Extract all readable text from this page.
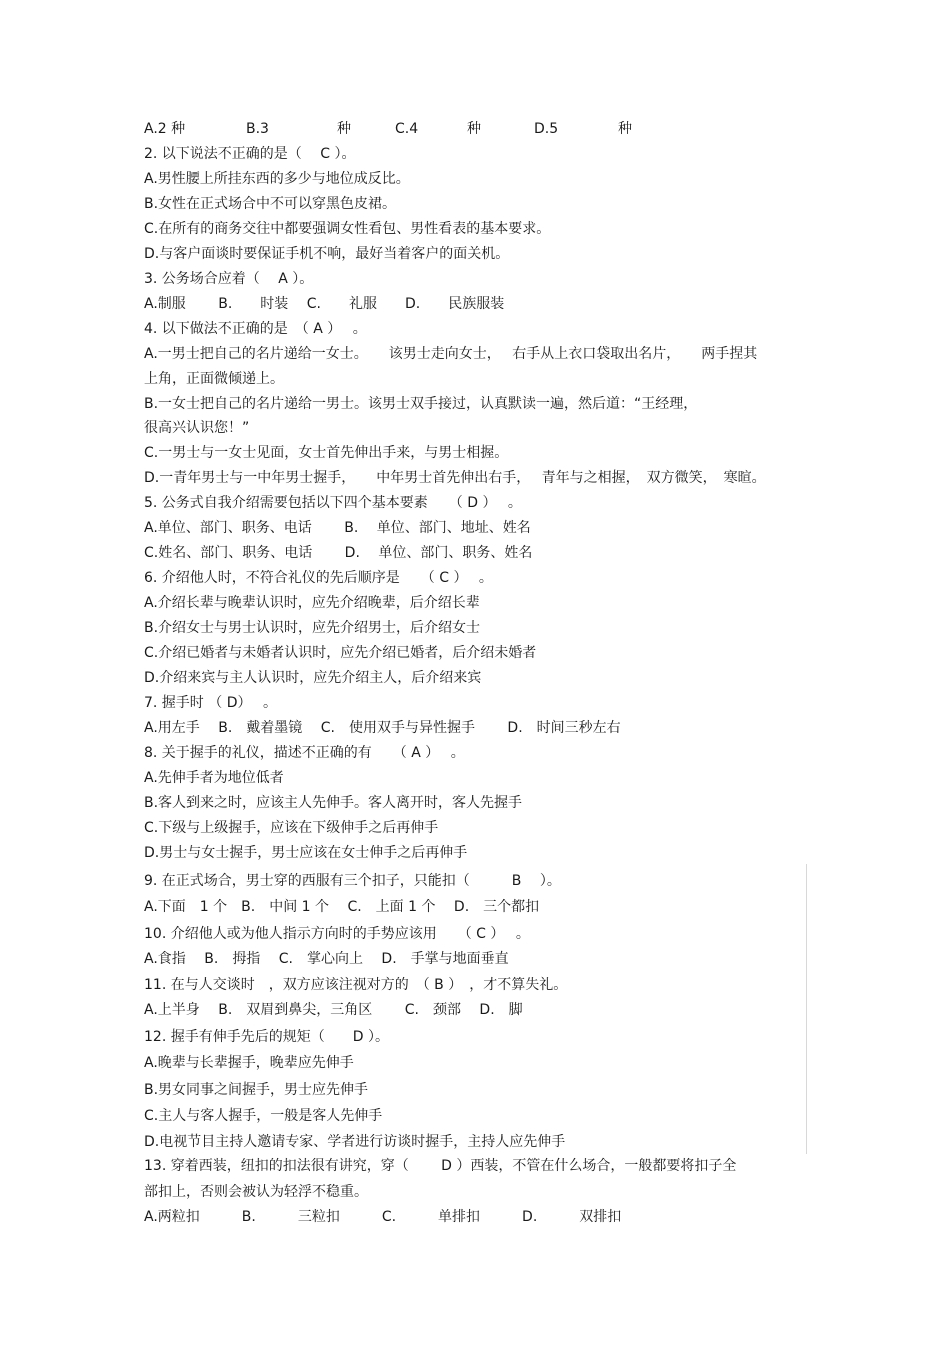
A.2 种	B.3	种	C.4	种	D.5	种
2. 以下说法不正确的是（　 C ）。
A.男性腰上所挂东西的多少与地位成反比。
B.女性在正式场合中不可以穿黑色皮裙。
C.在所有的商务交往中都要强调女性看包、男性看表的基本要求。
D.与客户面谈时要保证手机不响，最好当着客户的面关机。
3. 公务场合应着（　 A ）。
A.制服　　 B.　　时装　 C.　　礼服　　D.　　民族服装
4. 以下做法不正确的是　（ A ）　 。
A.一男士把自己的名片递给一女士。　　该男士走向女士，　 右手从上衣口袋取出名片，　　两手捏其
上角，正面微倾递上。
B.一女士把自己的名片递给一男士。该男士双手接过，认真默读一遍，然后道：“王经理，
很高兴认识您！”
C.一男士与一女士见面，女士首先伸出手来，与男士相握。
D.一青年男士与一中年男士握手，　　中年男士首先伸出右手，　 青年与之相握，　双方微笑，　寒暄。
5. 公务式自我介绍需要包括以下四个基本要素　　（ D ）　 。
A.单位、部门、职务、电话　　 B.　 单位、部门、地址、姓名
C.姓名、部门、职务、电话　　 D.　 单位、部门、职务、姓名
6. 介绍他人时，不符合礼仪的先后顺序是　　（ C ）　 。
A.介绍长辈与晚辈认识时，应先介绍晚辈，后介绍长辈
B.介绍女士与男士认识时，应先介绍男士，后介绍女士
C.介绍已婚者与未婚者认识时，应先介绍已婚者，后介绍未婚者
D.介绍来宾与主人认识时，应先介绍主人，后介绍来宾
7. 握手时 （ D）　 。
A.用左手　 B.　戴着墨镜　 C.　使用双手与异性握手　　 D.　时间三秒左右
8. 关于握手的礼仪，描述不正确的有　　（ A ）　 。
A.先伸手者为地位低者
B.客人到来之时，应该主人先伸手。客人离开时，客人先握手
C.下级与上级握手，应该在下级伸手之后再伸手
D.男士与女士握手，男士应该在女士伸手之后再伸手
9. 在正式场合，男士穿的西服有三个扣子，只能扣（　　　B　 ）。
A.下面　1 个　B.　中间 1 个　 C.　上面 1 个　 D.　三个都扣
10. 介绍他人或为他人指示方向时的手势应该用　　（ C ）　 。
A.食指　 B.　拇指　 C.　掌心向上　 D.　手掌与地面垂直
11. 在与人交谈时　，双方应该注视对方的　（ B ）　，才不算失礼。
A.上半身　 B.　双眉到鼻尖，三角区　　 C.　颈部　 D.　脚
12. 握手有伸手先后的规矩（　　D ）。
A.晚辈与长辈握手，晚辈应先伸手
B.男女同事之间握手，男士应先伸手
C.主人与客人握手，一般是客人先伸手
D.电视节目主持人邀请专家、学者进行访谈时握手，主持人应先伸手
13. 穿着西装，纽扣的扣法很有讲究，穿（　　 D ）西装，不管在什么场合，一般都要将扣子全
部扣上，否则会被认为轻浮不稳重。
A.两粒扣　　　B.　　　三粒扣　　　C.　　　单排扣　　　D.　　　双排扣
